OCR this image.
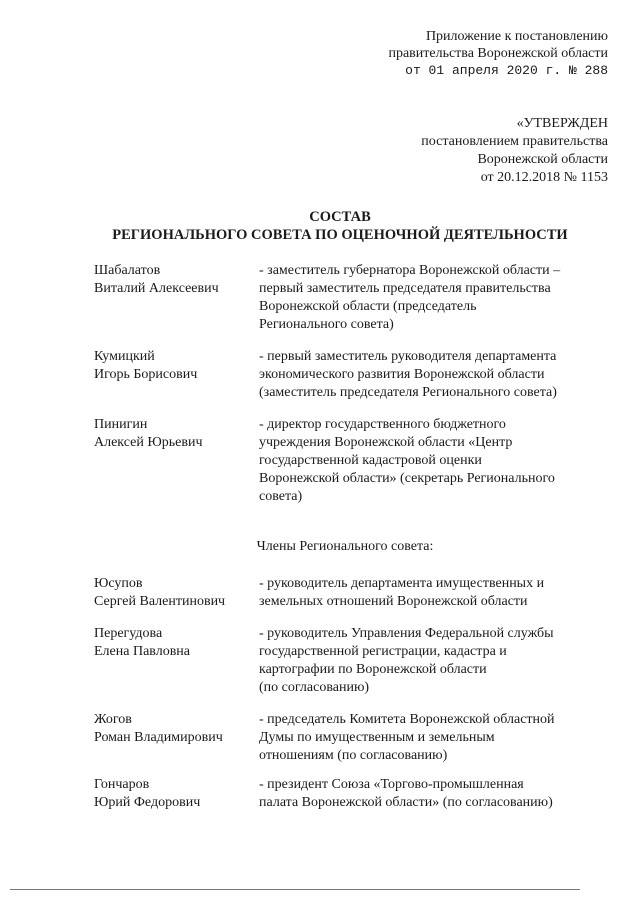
Приложение к постановлению
правительства Воронежской области
от 01 апреля 2020 г. № 288
«УТВЕРЖДЕН
постановлением правительства
Воронежской области
от 20.12.2018 № 1153
СОСТАВ
РЕГИОНАЛЬНОГО СОВЕТА ПО ОЦЕНОЧНОЙ ДЕЯТЕЛЬНОСТИ
Шабалатов
Виталий Алексеевич
- заместитель губернатора Воронежской области –
первый заместитель председателя правительства
Воронежской области (председатель
Регионального совета)
Кумицкий
Игорь Борисович
- первый заместитель руководителя департамента
экономического развития Воронежской области
(заместитель председателя Регионального совета)
Пинигин
Алексей Юрьевич
- директор государственного бюджетного
учреждения Воронежской области «Центр
государственной кадастровой оценки
Воронежской области» (секретарь Регионального
совета)
Члены Регионального совета:
Юсупов
Сергей Валентинович
- руководитель департамента имущественных и
земельных отношений Воронежской области
Перегудова
Елена Павловна
- руководитель Управления Федеральной службы
государственной регистрации, кадастра и
картографии по Воронежской области
(по согласованию)
Жогов
Роман Владимирович
- председатель Комитета Воронежской областной
Думы по имущественным и земельным
отношениям (по согласованию)
Гончаров
Юрий Федорович
- президент Союза «Торгово-промышленная
палата Воронежской области» (по согласованию)
